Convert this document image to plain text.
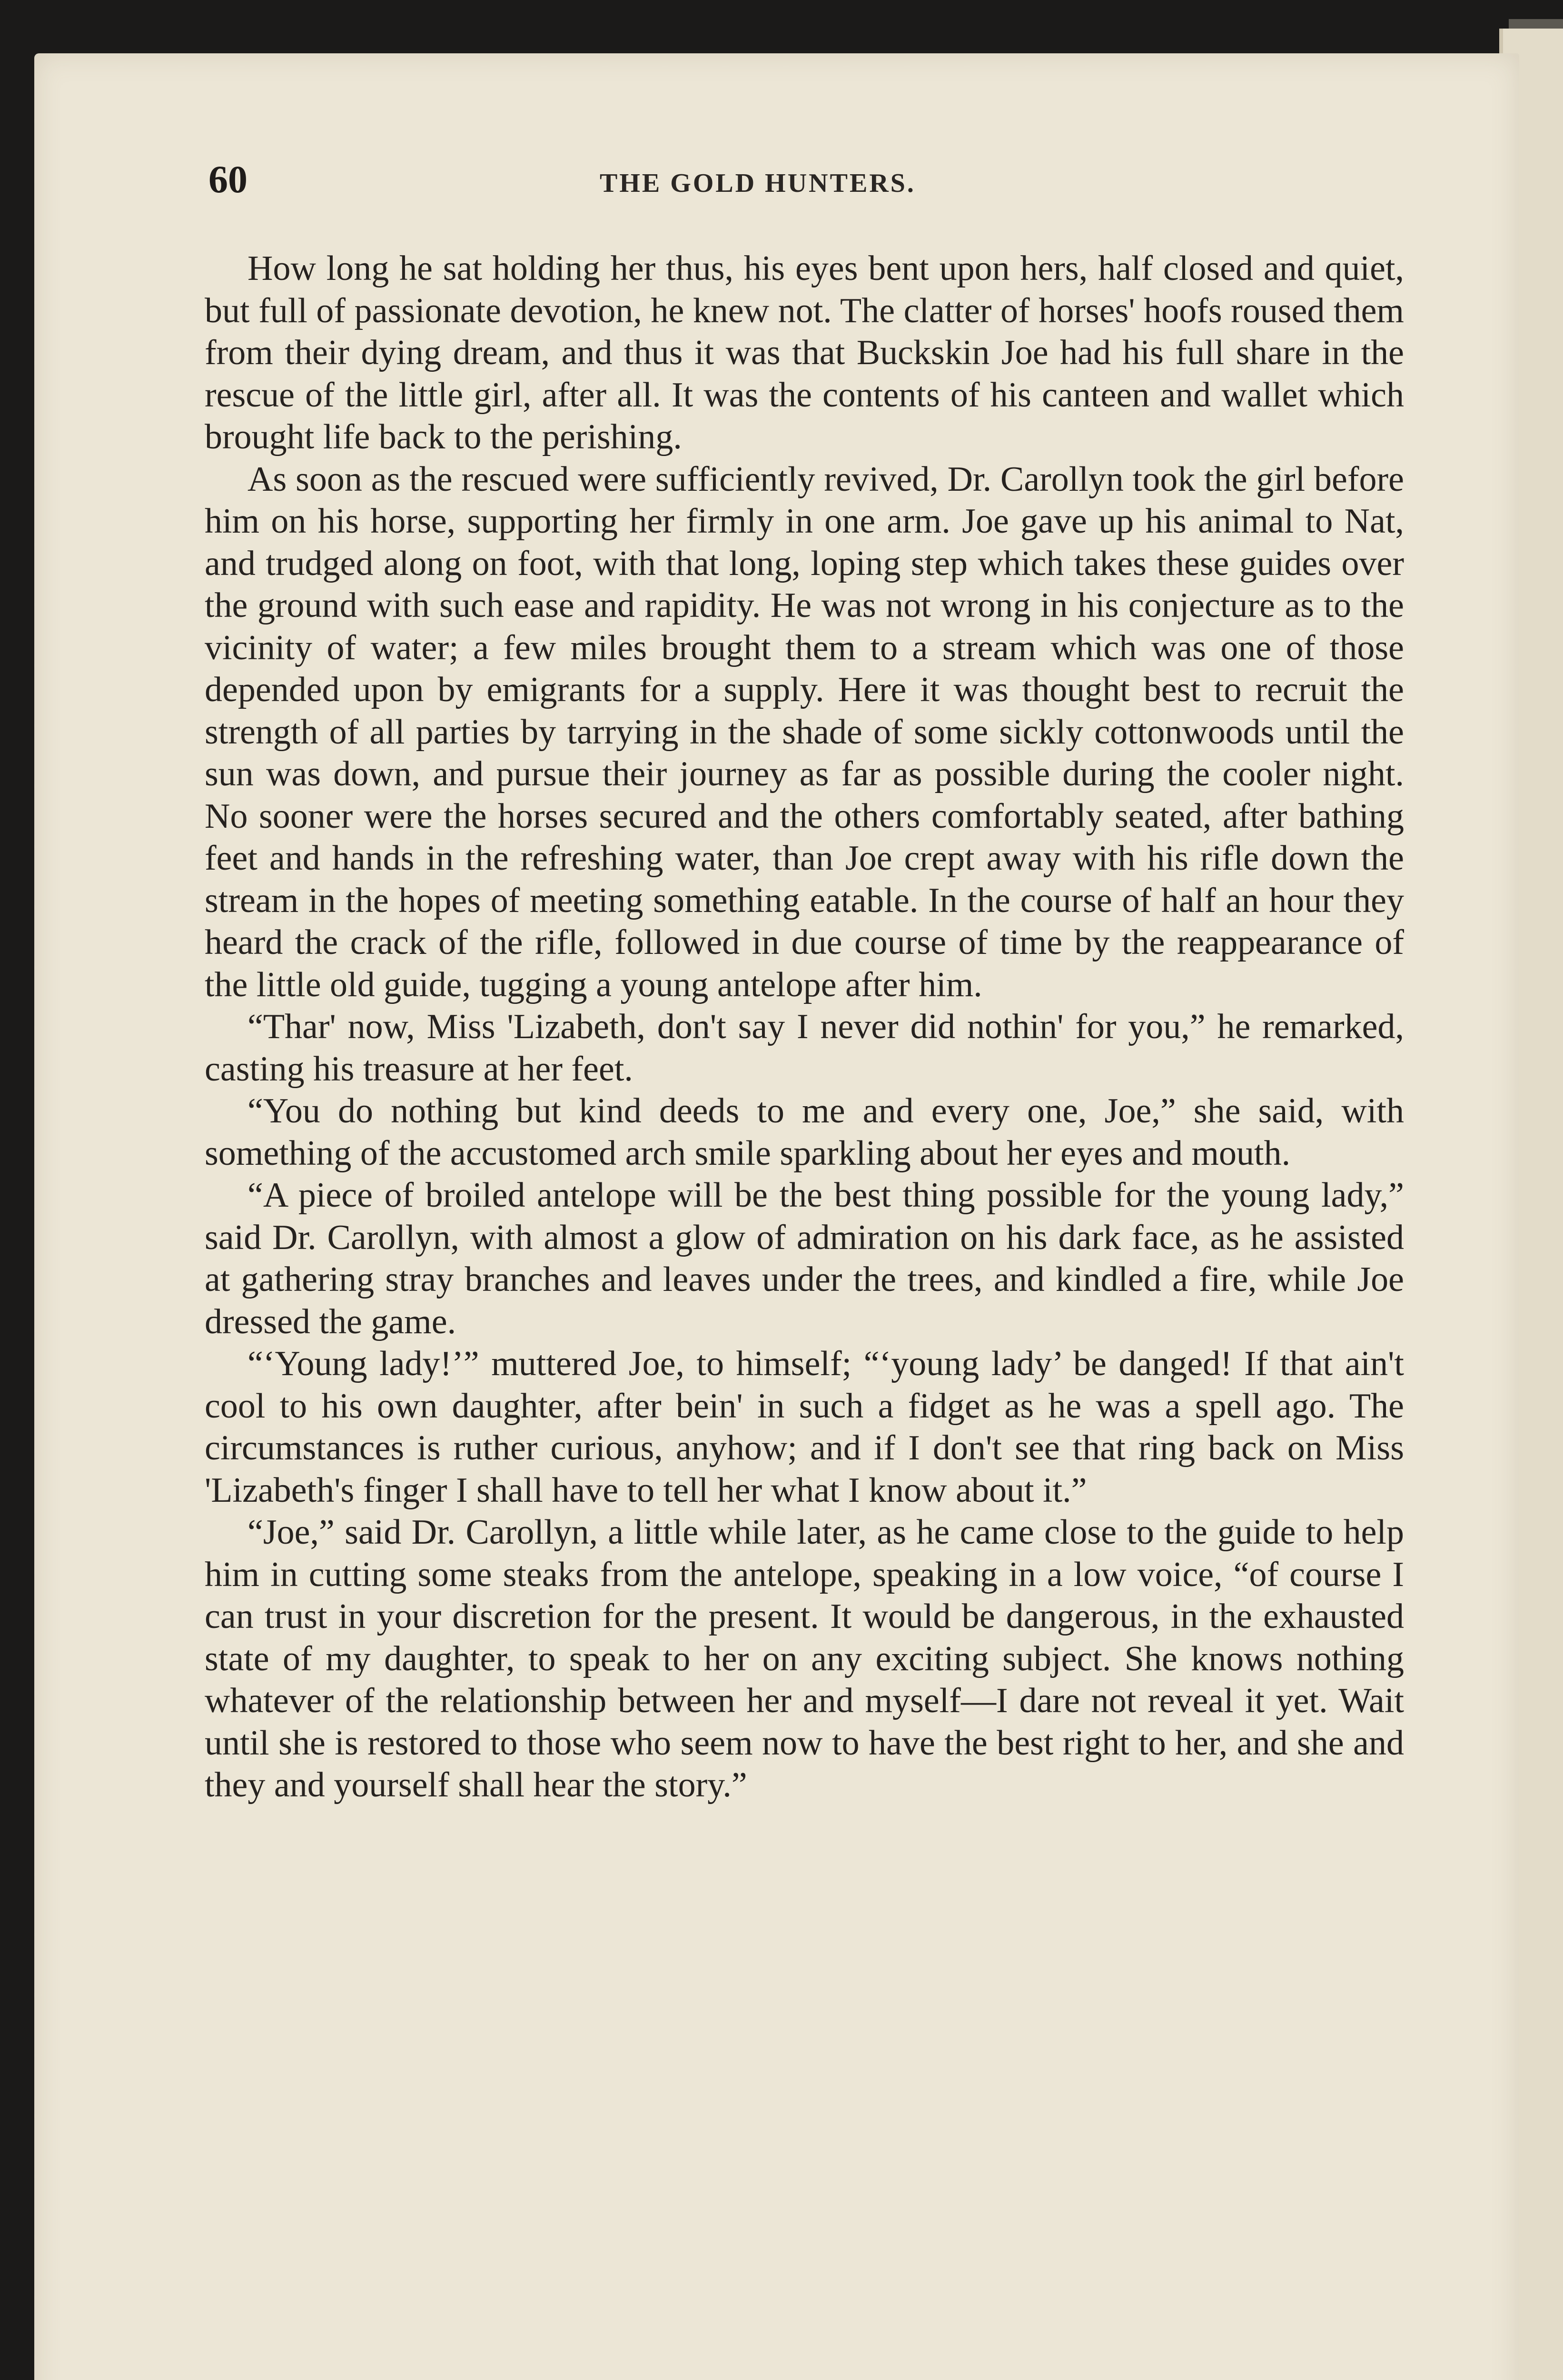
60	THE GOLD HUNTERS.

How long he sat holding her thus, his eyes bent upon hers, half closed and quiet, but full of passionate devotion, he knew not. The clatter of horses' hoofs roused them from their dying dream, and thus it was that Buckskin Joe had his full share in the rescue of the little girl, after all. It was the contents of his canteen and wallet which brought life back to the perishing.

As soon as the rescued were sufficiently revived, Dr. Carollyn took the girl before him on his horse, supporting her firmly in one arm. Joe gave up his animal to Nat, and trudged along on foot, with that long, loping step which takes these guides over the ground with such ease and rapidity. He was not wrong in his conjecture as to the vicinity of water; a few miles brought them to a stream which was one of those depended upon by emigrants for a supply. Here it was thought best to recruit the strength of all parties by tarrying in the shade of some sickly cottonwoods until the sun was down, and pursue their journey as far as possible during the cooler night. No sooner were the horses secured and the others comfortably seated, after bathing feet and hands in the refreshing water, than Joe crept away with his rifle down the stream in the hopes of meeting something eatable. In the course of half an hour they heard the crack of the rifle, followed in due course of time by the reappearance of the little old guide, tugging a young antelope after him.

“Thar' now, Miss 'Lizabeth, don't say I never did nothin' for you,” he remarked, casting his treasure at her feet.

“You do nothing but kind deeds to me and every one, Joe,” she said, with something of the accustomed arch smile sparkling about her eyes and mouth.

“A piece of broiled antelope will be the best thing possible for the young lady,” said Dr. Carollyn, with almost a glow of admiration on his dark face, as he assisted at gathering stray branches and leaves under the trees, and kindled a fire, while Joe dressed the game.

“‘Young lady!’” muttered Joe, to himself; “‘young lady’ be danged! If that ain't cool to his own daughter, after bein' in such a fidget as he was a spell ago. The circumstances is ruther curious, anyhow; and if I don't see that ring back on Miss 'Lizabeth's finger I shall have to tell her what I know about it.”

“Joe,” said Dr. Carollyn, a little while later, as he came close to the guide to help him in cutting some steaks from the antelope, speaking in a low voice, “of course I can trust in your discretion for the present. It would be dangerous, in the exhausted state of my daughter, to speak to her on any exciting subject. She knows nothing whatever of the relationship between her and myself—I dare not reveal it yet. Wait until she is restored to those who seem now to have the best right to her, and she and they and yourself shall hear the story.”
